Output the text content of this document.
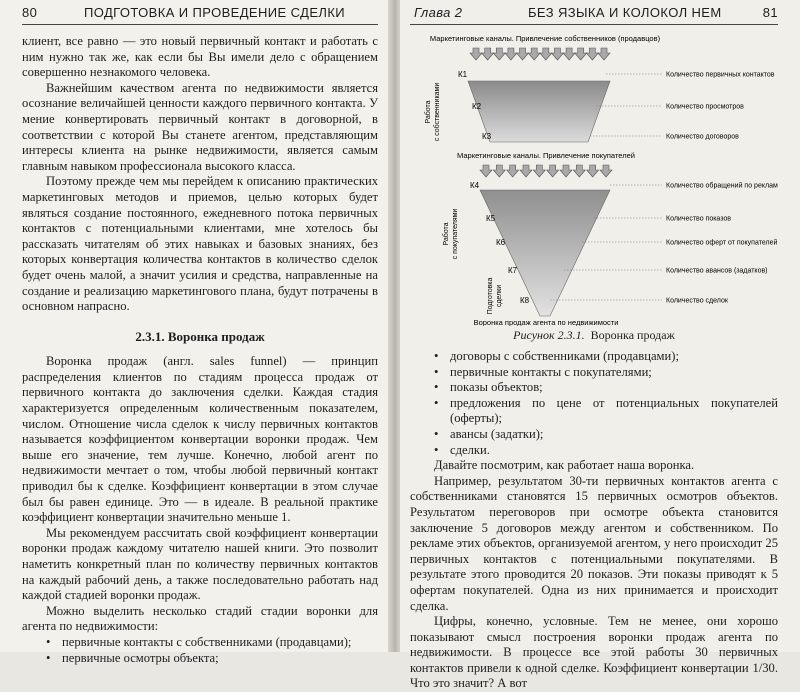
80	ПОДГОТОВКА И ПРОВЕДЕНИЕ СДЕЛКИ

клиент, все равно — это новый первичный контакт и работать с ним нужно так же, как если бы Вы имели дело с обращением совершенно незнакомого человека.

Важнейшим качеством агента по недвижимости является осознание величайшей ценности каждого первичного контакта. У мение конвертировать первичный контакт в договорной, в соответствии с которой Вы станете агентом, представляющим интересы клиента на рынке недвижимости, является самым главным навыком профессионала высокого класса.

Поэтому прежде чем мы перейдем к описанию практических маркетинговых методов и приемов, целью которых будет являться создание постоянного, ежедневного потока первичных контактов с потенциальными клиентами, мне хотелось бы рассказать читателям об этих навыках и базовых знаниях, без которых конвертация количества контактов в количество сделок будет очень малой, а значит усилия и средства, направленные на создание и реализацию маркетингового плана, будут потрачены в основном напрасно.

2.3.1. Воронка продаж

Воронка продаж (англ. sales funnel) — принцип распределения клиентов по стадиям процесса продаж от первичного контакта до заключения сделки. Каждая стадия характеризуется определенным количественным показателем, числом. Отношение числа сделок к числу первичных контактов называется коэффициентом конвертации воронки продаж. Чем выше его значение, тем лучше. Конечно, любой агент по недвижимости мечтает о том, чтобы любой первичный контакт приводил бы к сделке. Коэффициент конвертации в этом случае был бы равен единице. Это — в идеале. В реальной практике коэффициент конвертации значительно меньше 1.

Мы рекомендуем рассчитать свой коэффициент конвертации воронки продаж каждому читателю нашей книги. Это позволит наметить конкретный план по количеству первичных контактов на каждый рабочий день, а также последовательно работать над каждой стадией воронки продаж.

Можно выделить несколько стадий стадии воронки для агента по недвижимости:

• первичные контакты с собственниками (продавцами);
• первичные осмотры объекта;
Глава 2	БЕЗ ЯЗЫКА И КОЛОКОЛ НЕМ	81
Маркетинговые каналы. Привлечение собственников (продавцов)
Работа с собственниками
Маркетинговые каналы. Привлечение покупателей
Работа с покупателями
Подготовка сделки
К1
К2
К3
К4
К5
К6
К7
К8
Количество первичных контактов
Количество просмотров
Количество договоров
Количество обращений по рекламе
Количество показов
Количество оферт от покупателей
Количество авансов (задатков)
Количество сделок
Воронка продаж агента по недвижимости
Рисунок 2.3.1. Воронка продаж
• договоры с собственниками (продавцами);
• первичные контакты с покупателями;
• показы объектов;
• предложения по цене от потенциальных покупателей (оферты);
• авансы (задатки);
• сделки.

Давайте посмотрим, как работает наша воронка.

Например, результатом 30-ти первичных контактов агента с собственниками становятся 15 первичных осмотров объектов. Результатом переговоров при осмотре объекта становится заключение 5 договоров между агентом и собственником. По рекламе этих объектов, организуемой агентом, у него происходит 25 первичных контактов с потенциальными покупателями. В результате этого проводится 20 показов. Эти показы приводят к 5 офертам покупателей. Одна из них принимается и происходит сделка.

Цифры, конечно, условные. Тем не менее, они хорошо показывают смысл построения воронки продаж агента по недвижимости. В процессе все этой работы 30 первичных контактов привели к одной сделке. Коэффициент конвертации 1/30. Что это значит? А вот
